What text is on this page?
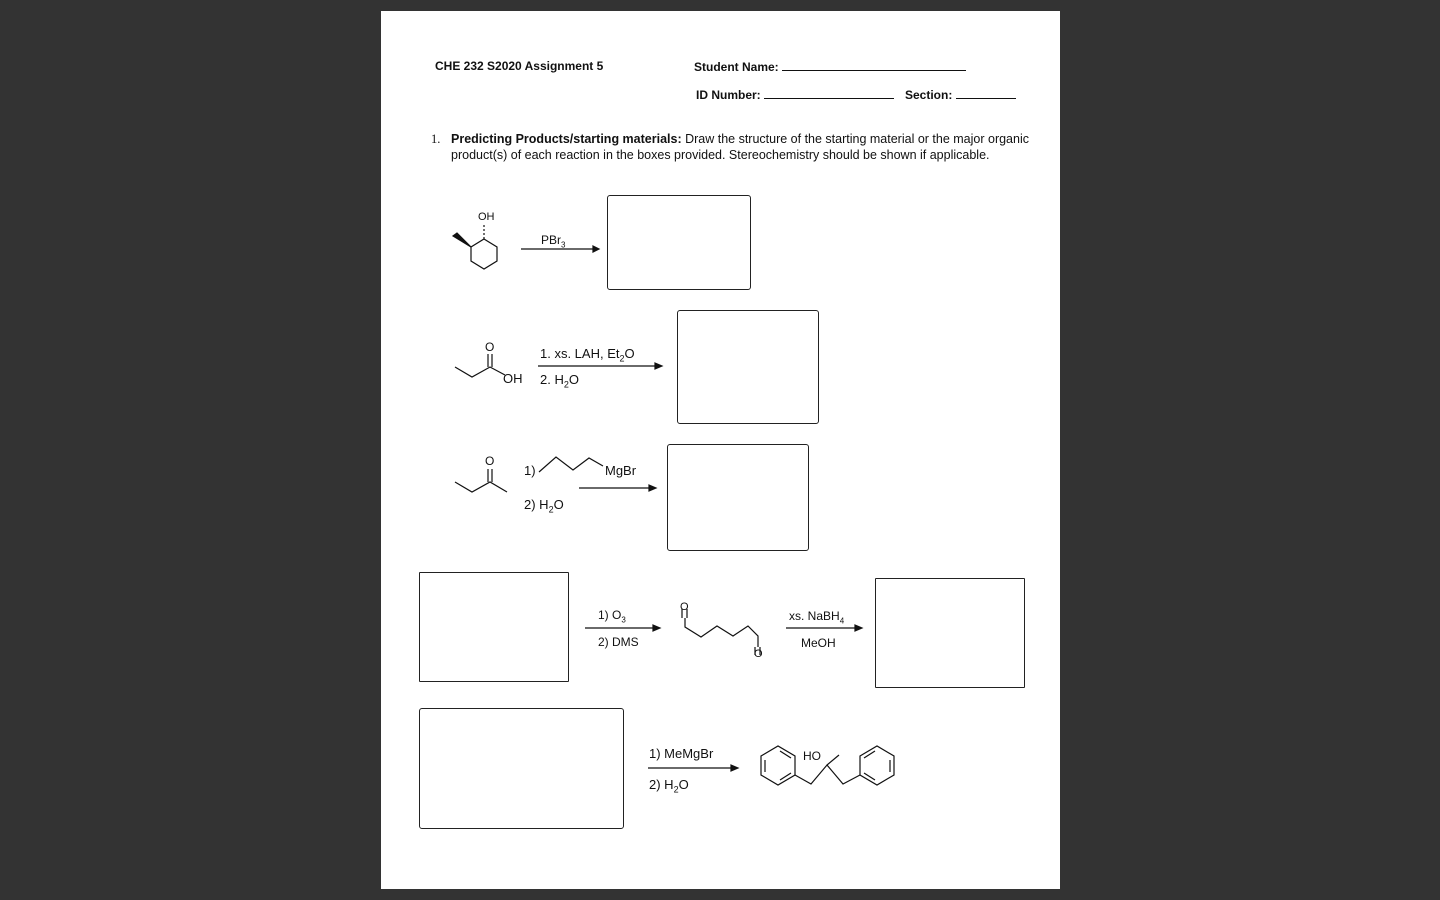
CHE 232 S2020 Assignment 5	Student Name:
ID Number:	Section:
1. Predicting Products/starting materials: Draw the structure of the starting material or the major organic product(s) of each reaction in the boxes provided. Stereochemistry should be shown if applicable.
OH
PBr$_3$
O
OH
1. xs. LAH, $Et_2O$
2. $H_2O$
O
1)	MgBr
2) $H_2O$
1) $O_3$
2) DMS
O
O
xs. NaBH$_4$
MeOH
1) MeMgBr
2) $H_2O$
HO
